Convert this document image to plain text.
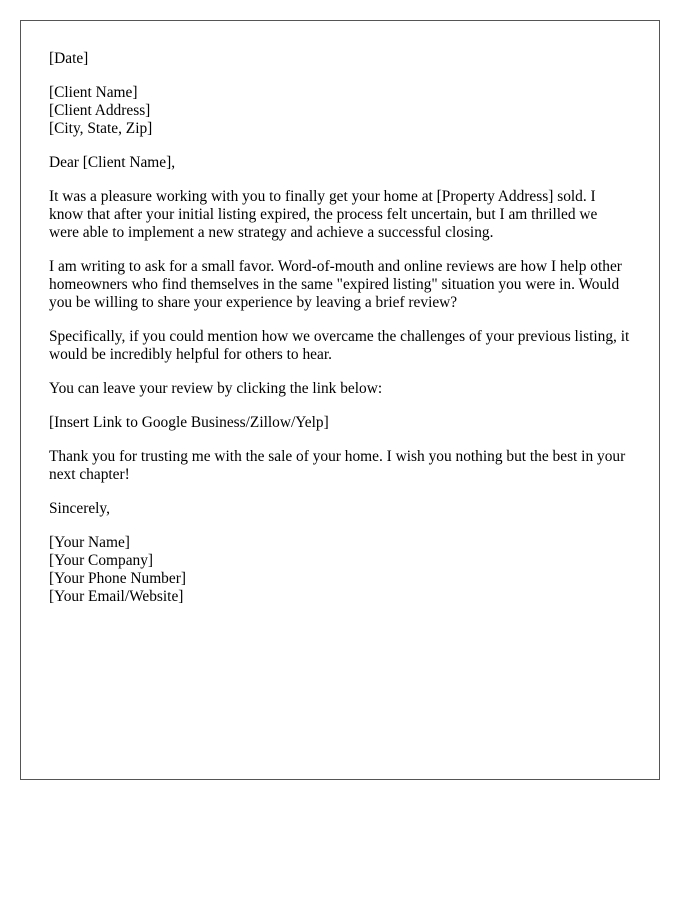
[Date]

[Client Name]
[Client Address]
[City, State, Zip]

Dear [Client Name],

It was a pleasure working with you to finally get your home at [Property Address] sold. I know that after your initial listing expired, the process felt uncertain, but I am thrilled we were able to implement a new strategy and achieve a successful closing.

I am writing to ask for a small favor. Word-of-mouth and online reviews are how I help other homeowners who find themselves in the same "expired listing" situation you were in. Would you be willing to share your experience by leaving a brief review?

Specifically, if you could mention how we overcame the challenges of your previous listing, it would be incredibly helpful for others to hear.

You can leave your review by clicking the link below:

[Insert Link to Google Business/Zillow/Yelp]

Thank you for trusting me with the sale of your home. I wish you nothing but the best in your next chapter!

Sincerely,

[Your Name]
[Your Company]
[Your Phone Number]
[Your Email/Website]
